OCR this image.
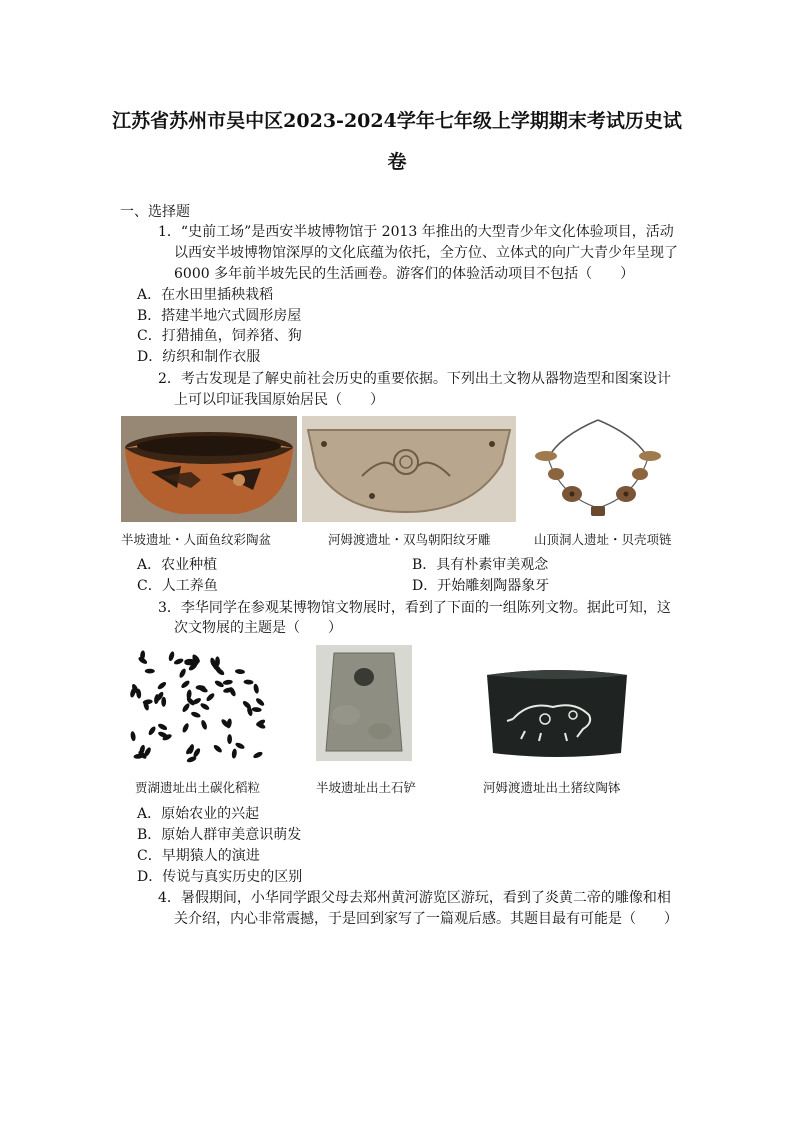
江苏省苏州市吴中区2023-2024学年七年级上学期期末考试历史试
卷
一、选择题
1．“史前工场”是西安半坡博物馆于 2013 年推出的大型青少年文化体验项目，活动
以西安半坡博物馆深厚的文化底蕴为依托，全方位、立体式的向广大青少年呈现了
6000 多年前半坡先民的生活画卷。游客们的体验活动项目不包括（　　）
A．在水田里插秧栽稻
B．搭建半地穴式圆形房屋
C．打猎捕鱼，饲养猪、狗
D．纺织和制作衣服
2．考古发现是了解史前社会历史的重要依据。下列出土文物从器物造型和图案设计
上可以印证我国原始居民（　　）
半坡遗址・人面鱼纹彩陶盆	河姆渡遗址・双鸟朝阳纹牙雕	山顶洞人遗址・贝壳项链
A．农业种植	B．具有朴素审美观念
C．人工养鱼	D．开始雕刻陶器象牙
3．李华同学在参观某博物馆文物展时，看到了下面的一组陈列文物。据此可知，这
次文物展的主题是（　　）
贾湖遗址出土碳化稻粒	半坡遗址出土石铲	河姆渡遗址出土猪纹陶钵
A．原始农业的兴起
B．原始人群审美意识萌发
C．早期猿人的演进
D．传说与真实历史的区别
4．暑假期间，小华同学跟父母去郑州黄河游览区游玩，看到了炎黄二帝的雕像和相
关介绍，内心非常震撼，于是回到家写了一篇观后感。其题目最有可能是（　　）
